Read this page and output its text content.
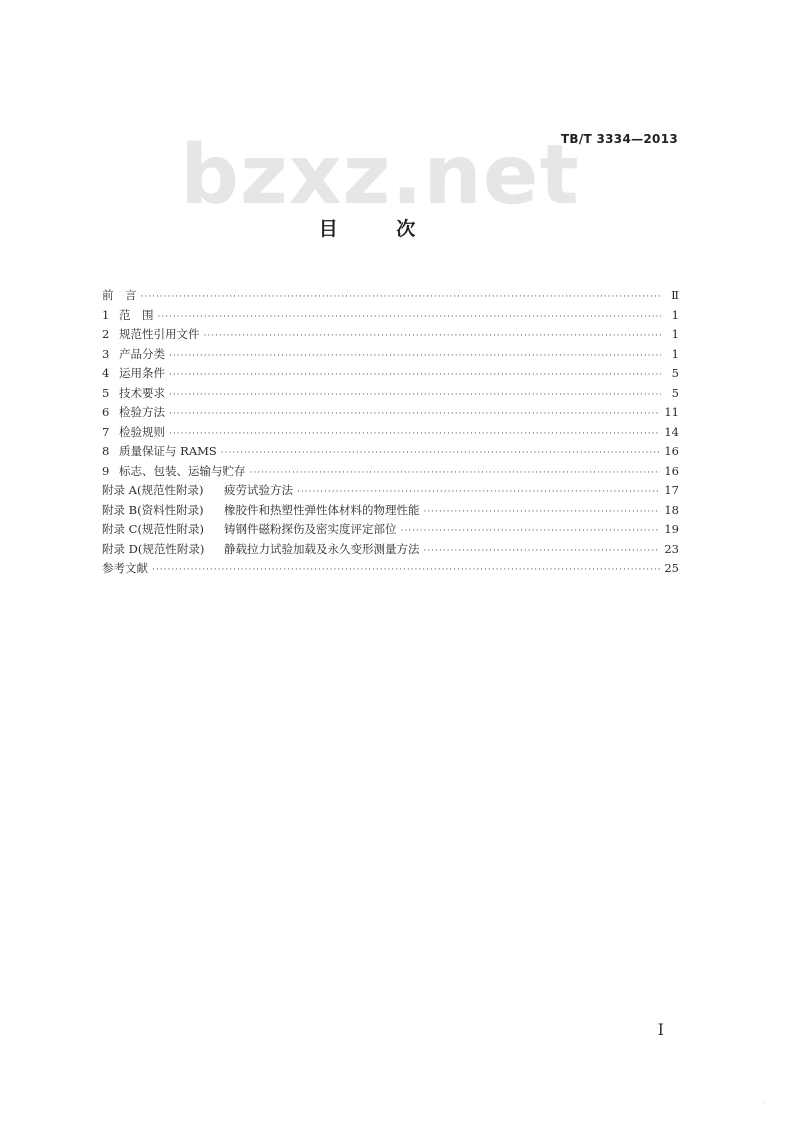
TB/T 3334—2013
bzxz.net
目 次
前　言 ·····	Ⅱ
1 范　围 ·····	1
2 规范性引用文件 ·····	1
3 产品分类 ·····	1
4 运用条件 ·····	5
5 技术要求 ·····	5
6 检验方法 ·····	11
7 检验规则 ·····	14
8 质量保证与 RAMS ·····	16
9 标志、包装、运输与贮存 ·····	16
附录 A(规范性附录) 疲劳试验方法 ·····	17
附录 B(资料性附录) 橡胶件和热塑性弹性体材料的物理性能 ·····	18
附录 C(规范性附录) 铸钢件磁粉探伤及密实度评定部位 ·····	19
附录 D(规范性附录) 静载拉力试验加载及永久变形测量方法 ·····	23
参考文献 ·····	25
I
·
